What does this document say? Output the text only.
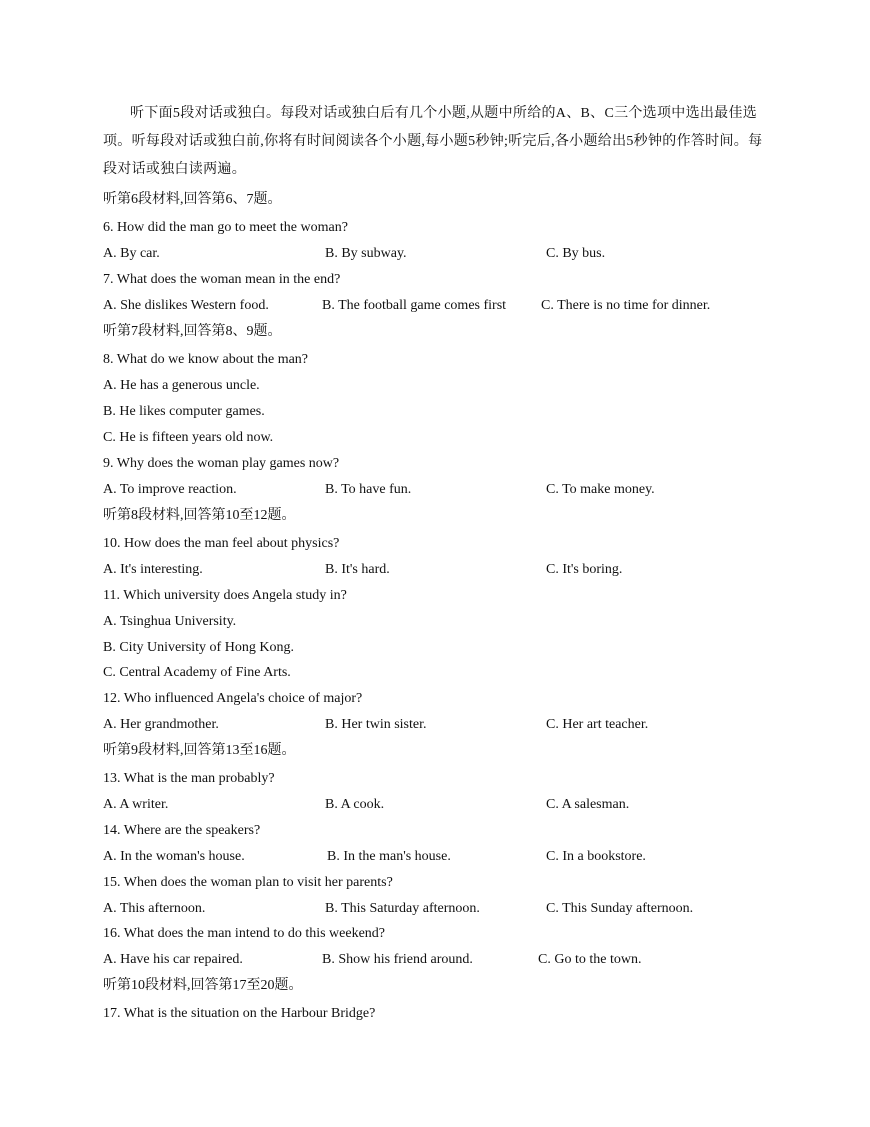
听下面5段对话或独白。每段对话或独白后有几个小题,从题中所给的A、B、C三个选项中选出最佳选项。听每段对话或独白前,你将有时间阅读各个小题,每小题5秒钟;听完后,各小题给出5秒钟的作答时间。每段对话或独白读两遍。

听第6段材料,回答第6、7题。
6. How did the man go to meet the woman?
A. By car.	B. By subway.	C. By bus.
7. What does the woman mean in the end?
A. She dislikes Western food.	B. The football game comes first C. There is no time for dinner.
听第7段材料,回答第8、9题。
8. What do we know about the man?
A. He has a generous uncle.
B. He likes computer games.
C. He is fifteen years old now.
9. Why does the woman play games now?
A. To improve reaction.	B. To have fun.	C. To make money.
听第8段材料,回答第10至12题。
10. How does the man feel about physics?
A. It's interesting.	B. It's hard.	C. It's boring.
11. Which university does Angela study in?
A. Tsinghua University.
B. City University of Hong Kong.
C. Central Academy of Fine Arts.
12. Who influenced Angela's choice of major?
A. Her grandmother.	B. Her twin sister.	C. Her art teacher.
听第9段材料,回答第13至16题。
13. What is the man probably?
A. A writer.	B. A cook.	C. A salesman.
14. Where are the speakers?
A. In the woman's house.	B. In the man's house.	C. In a bookstore.
15. When does the woman plan to visit her parents?
A. This afternoon.	B. This Saturday afternoon.	C. This Sunday afternoon.
16. What does the man intend to do this weekend?
A. Have his car repaired.	B. Show his friend around.	C. Go to the town.
听第10段材料,回答第17至20题。
17. What is the situation on the Harbour Bridge?
